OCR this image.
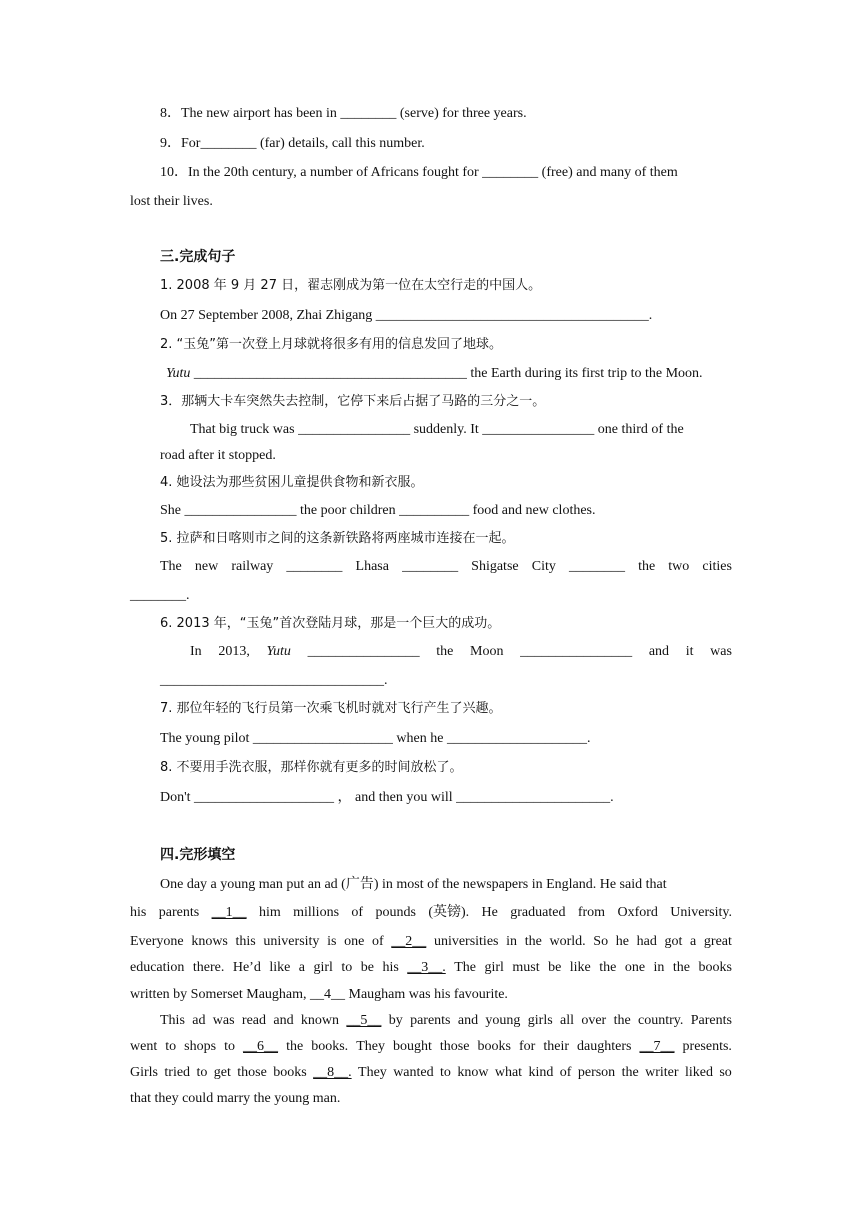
8．The new airport has been in ________ (serve) for three years.
9．For________ (far) details, call this number.
10．In the 20th century, a number of Africans fought for ________ (free) and many of them
lost their lives.
三.完成句子
1. 2008 年 9 月 27 日，翟志刚成为第一位在太空行走的中国人。
On 27 September 2008, Zhai Zhigang _______________________________________.
2. “玉兔”第一次登上月球就将很多有用的信息发回了地球。
Yutu _______________________________________ the Earth during its first trip to the Moon.
3．那辆大卡车突然失去控制，它停下来后占据了马路的三分之一。
That big truck was ________________ suddenly. It ________________ one third of the
road after it stopped.
4. 她设法为那些贫困儿童提供食物和新衣服。
She ________________ the poor children __________ food and new clothes.
5. 拉萨和日喀则市之间的这条新铁路将两座城市连接在一起。
The new railway ________ Lhasa ________ Shigatse City ________ the two cities
________.
6. 2013 年，“玉兔”首次登陆月球，那是一个巨大的成功。
In 2013, Yutu ________________ the Moon ________________ and it was
________________________________.
7. 那位年轻的飞行员第一次乘飞机时就对飞行产生了兴趣。
The young pilot ____________________ when he ____________________.
8. 不要用手洗衣服，那样你就有更多的时间放松了。
Don't ____________________ ， and then you will ______________________.
四.完形填空
One day a young man put an ad (广告) in most of the newspapers in England. He said that
his parents __1__ him millions of pounds (英镑). He graduated from Oxford University.
Everyone knows this university is one of __2__ universities in the world. So he had got a great
education there. He’d like a girl to be his __3__. The girl must be like the one in the books
written by Somerset Maugham, __4__ Maugham was his favourite.
This ad was read and known __5__ by parents and young girls all over the country. Parents
went to shops to __6__ the books. They bought those books for their daughters __7__ presents.
Girls tried to get those books __8__. They wanted to know what kind of person the writer liked so
that they could marry the young man.
